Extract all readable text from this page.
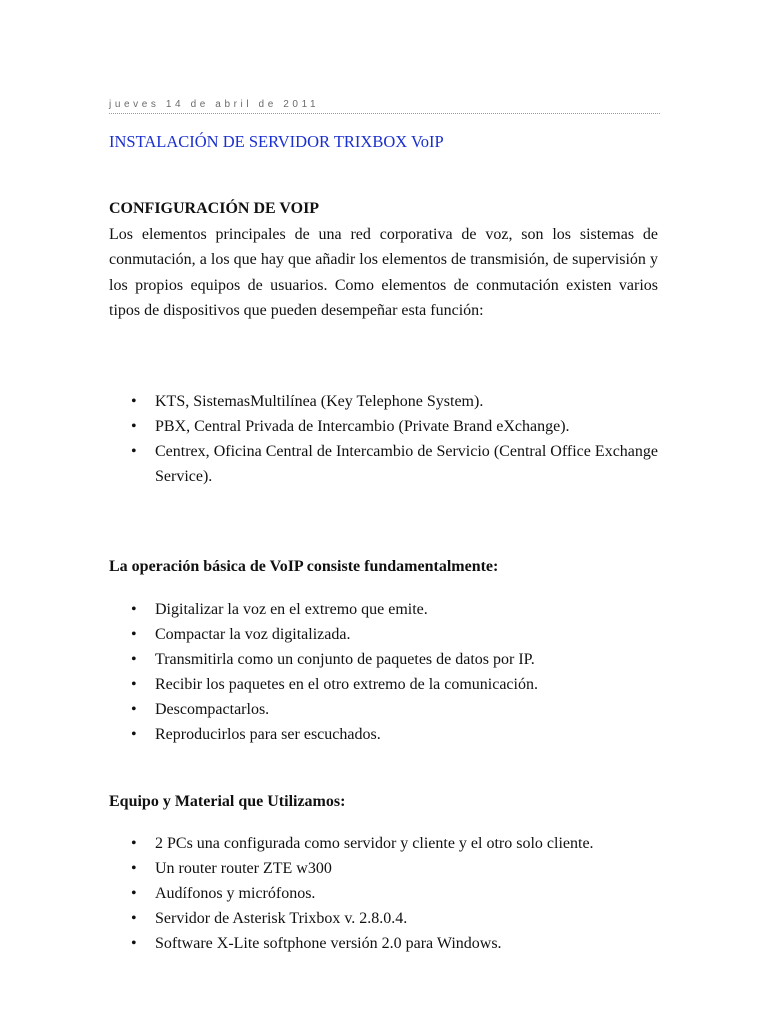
jueves 14 de abril de 2011
INSTALACIÓN DE SERVIDOR TRIXBOX VoIP
CONFIGURACIÓN DE VOIP

Los elementos principales de una red corporativa de voz, son los sistemas de conmutación, a los que hay que añadir los elementos de transmisión, de supervisión y los propios equipos de usuarios. Como elementos de conmutación existen varios tipos de dispositivos que pueden desempeñar esta función:

• KTS, SistemasMultilínea (Key Telephone System).
• PBX, Central Privada de Intercambio (Private Brand eXchange).
• Centrex, Oficina Central de Intercambio de Servicio (Central Office Exchange Service).
La operación básica de VoIP consiste fundamentalmente:
• Digitalizar la voz en el extremo que emite.
• Compactar la voz digitalizada.
• Transmitirla como un conjunto de paquetes de datos por IP.
• Recibir los paquetes en el otro extremo de la comunicación.
• Descompactarlos.
• Reproducirlos para ser escuchados.
Equipo y Material que Utilizamos:
• 2 PCs una configurada como servidor y cliente y el otro solo cliente.
• Un router router ZTE w300
• Audífonos y micrófonos.
• Servidor de Asterisk Trixbox v. 2.8.0.4.
• Software X-Lite softphone versión 2.0 para Windows.
